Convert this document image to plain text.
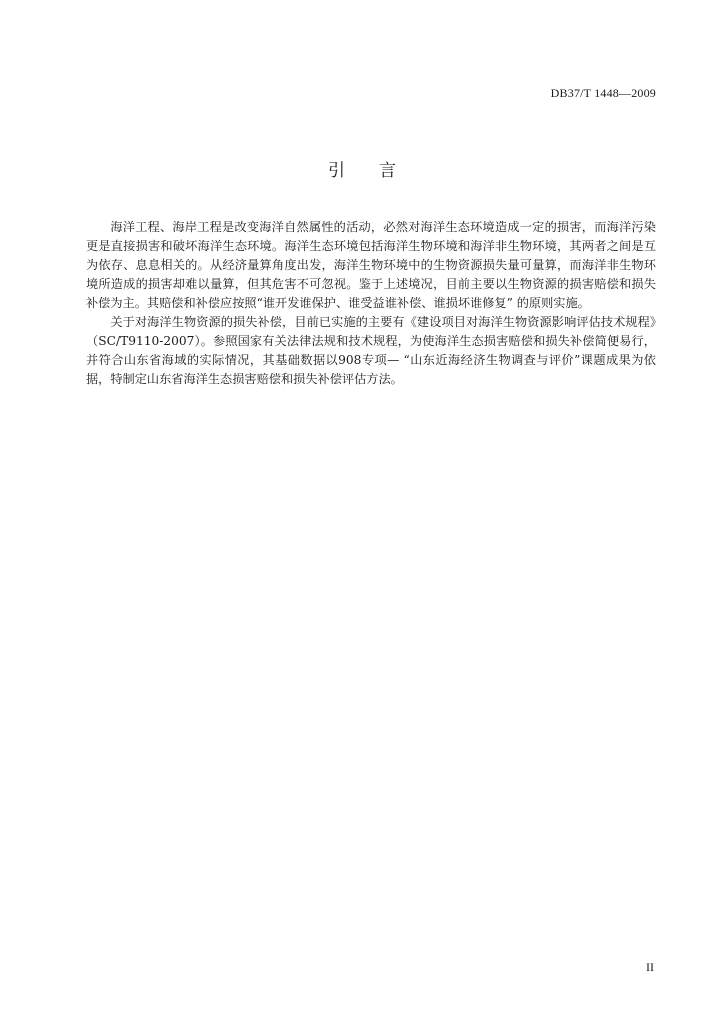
DB37/T 1448—2009
引 言

海洋工程、海岸工程是改变海洋自然属性的活动，必然对海洋生态环境造成一定的损害，而海洋污染更是直接损害和破坏海洋生态环境。海洋生态环境包括海洋生物环境和海洋非生物环境，其两者之间是互为依存、息息相关的。从经济量算角度出发，海洋生物环境中的生物资源损失量可量算，而海洋非生物环境所造成的损害却难以量算，但其危害不可忽视。鉴于上述境况，目前主要以生物资源的损害赔偿和损失补偿为主。其赔偿和补偿应按照“谁开发谁保护、谁受益谁补偿、谁损坏谁修复” 的原则实施。

关于对海洋生物资源的损失补偿，目前已实施的主要有《建设项目对海洋生物资源影响评估技术规程》（SC/T9110-2007）。参照国家有关法律法规和技术规程，为使海洋生态损害赔偿和损失补偿简便易行，并符合山东省海域的实际情况，其基础数据以908专项— “山东近海经济生物调查与评价”课题成果为依据，特制定山东省海洋生态损害赔偿和损失补偿评估方法。

II
